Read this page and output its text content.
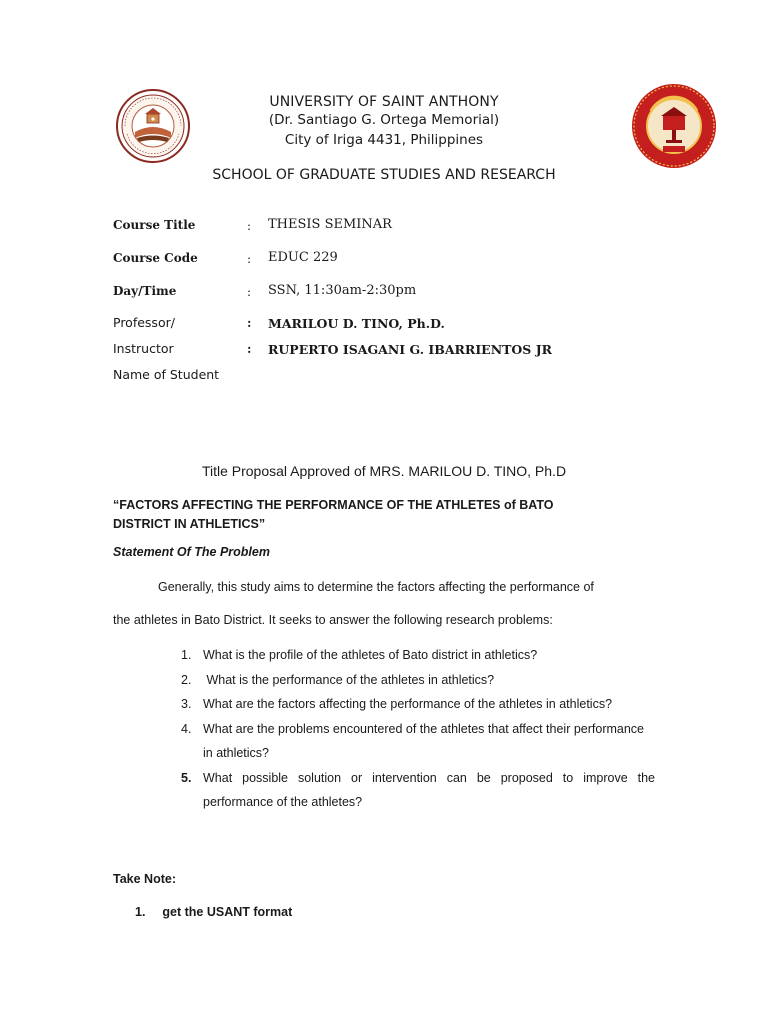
UNIVERSITY OF SAINT ANTHONY
(Dr. Santiago G. Ortega Memorial)
City of Iriga 4431, Philippines
SCHOOL OF GRADUATE STUDIES AND RESEARCH
Course Title	: THESIS SEMINAR
Course Code	: EDUC 229
Day/Time	: SSN, 11:30am-2:30pm
Professor/	: MARILOU D. TINO, Ph.D.
Instructor	: RUPERTO ISAGANI G. IBARRIENTOS JR
Name of Student
Title Proposal Approved of MRS. MARILOU D. TINO, Ph.D
“FACTORS AFFECTING THE PERFORMANCE OF THE ATHLETES of BATO
DISTRICT IN ATHLETICS”
Statement Of The Problem
Generally, this study aims to determine the factors affecting the performance of
the athletes in Bato District. It seeks to answer the following research problems:
1. What is the profile of the athletes of Bato district in athletics?
2. What is the performance of the athletes in athletics?
3. What are the factors affecting the performance of the athletes in athletics?
4. What are the problems encountered of the athletes that affect their performance in athletics?
5. What possible solution or intervention can be proposed to improve the performance of the athletes?
Take Note:
1. get the USANT format
